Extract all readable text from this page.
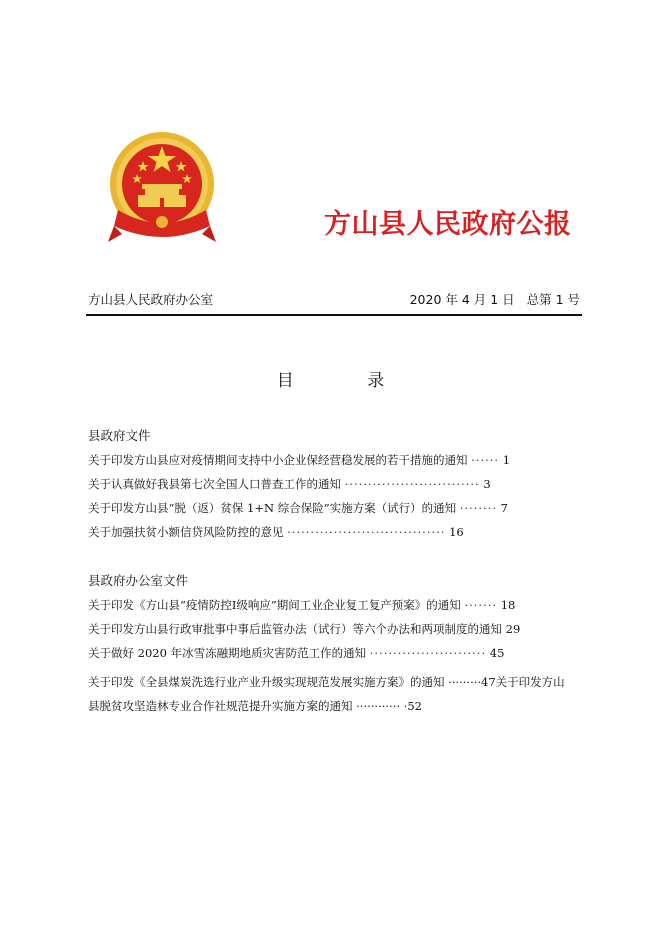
方山县人民政府公报
方山县人民政府办公室	2020 年 4 月 1 日   总第 1 号
目	录
县政府文件
关于印发方山县应对疫情期间支持中小企业保经营稳发展的若干措施的通知 ······ 1
关于认真做好我县第七次全国人口普查工作的通知 ····························· 3
关于印发方山县“脱（返）贫保 1+N 综合保险”实施方案（试行）的通知 ········ 7
关于加强扶贫小额信贷风险防控的意见 ·································· 16
县政府办公室文件
关于印发《方山县“疫情防控Ⅰ级响应”期间工业企业复工复产预案》的通知 ······· 18
关于印发方山县行政审批事中事后监管办法（试行）等六个办法和两项制度的通知 29
关于做好 2020 年冰雪冻融期地质灾害防范工作的通知 ························· 45
关于印发《全县煤炭洗选行业产业升级实现规范发展实施方案》的通知 ·········47关于印发方山县脱贫攻坚造林专业合作社规范提升实施方案的通知 ············ ·52
